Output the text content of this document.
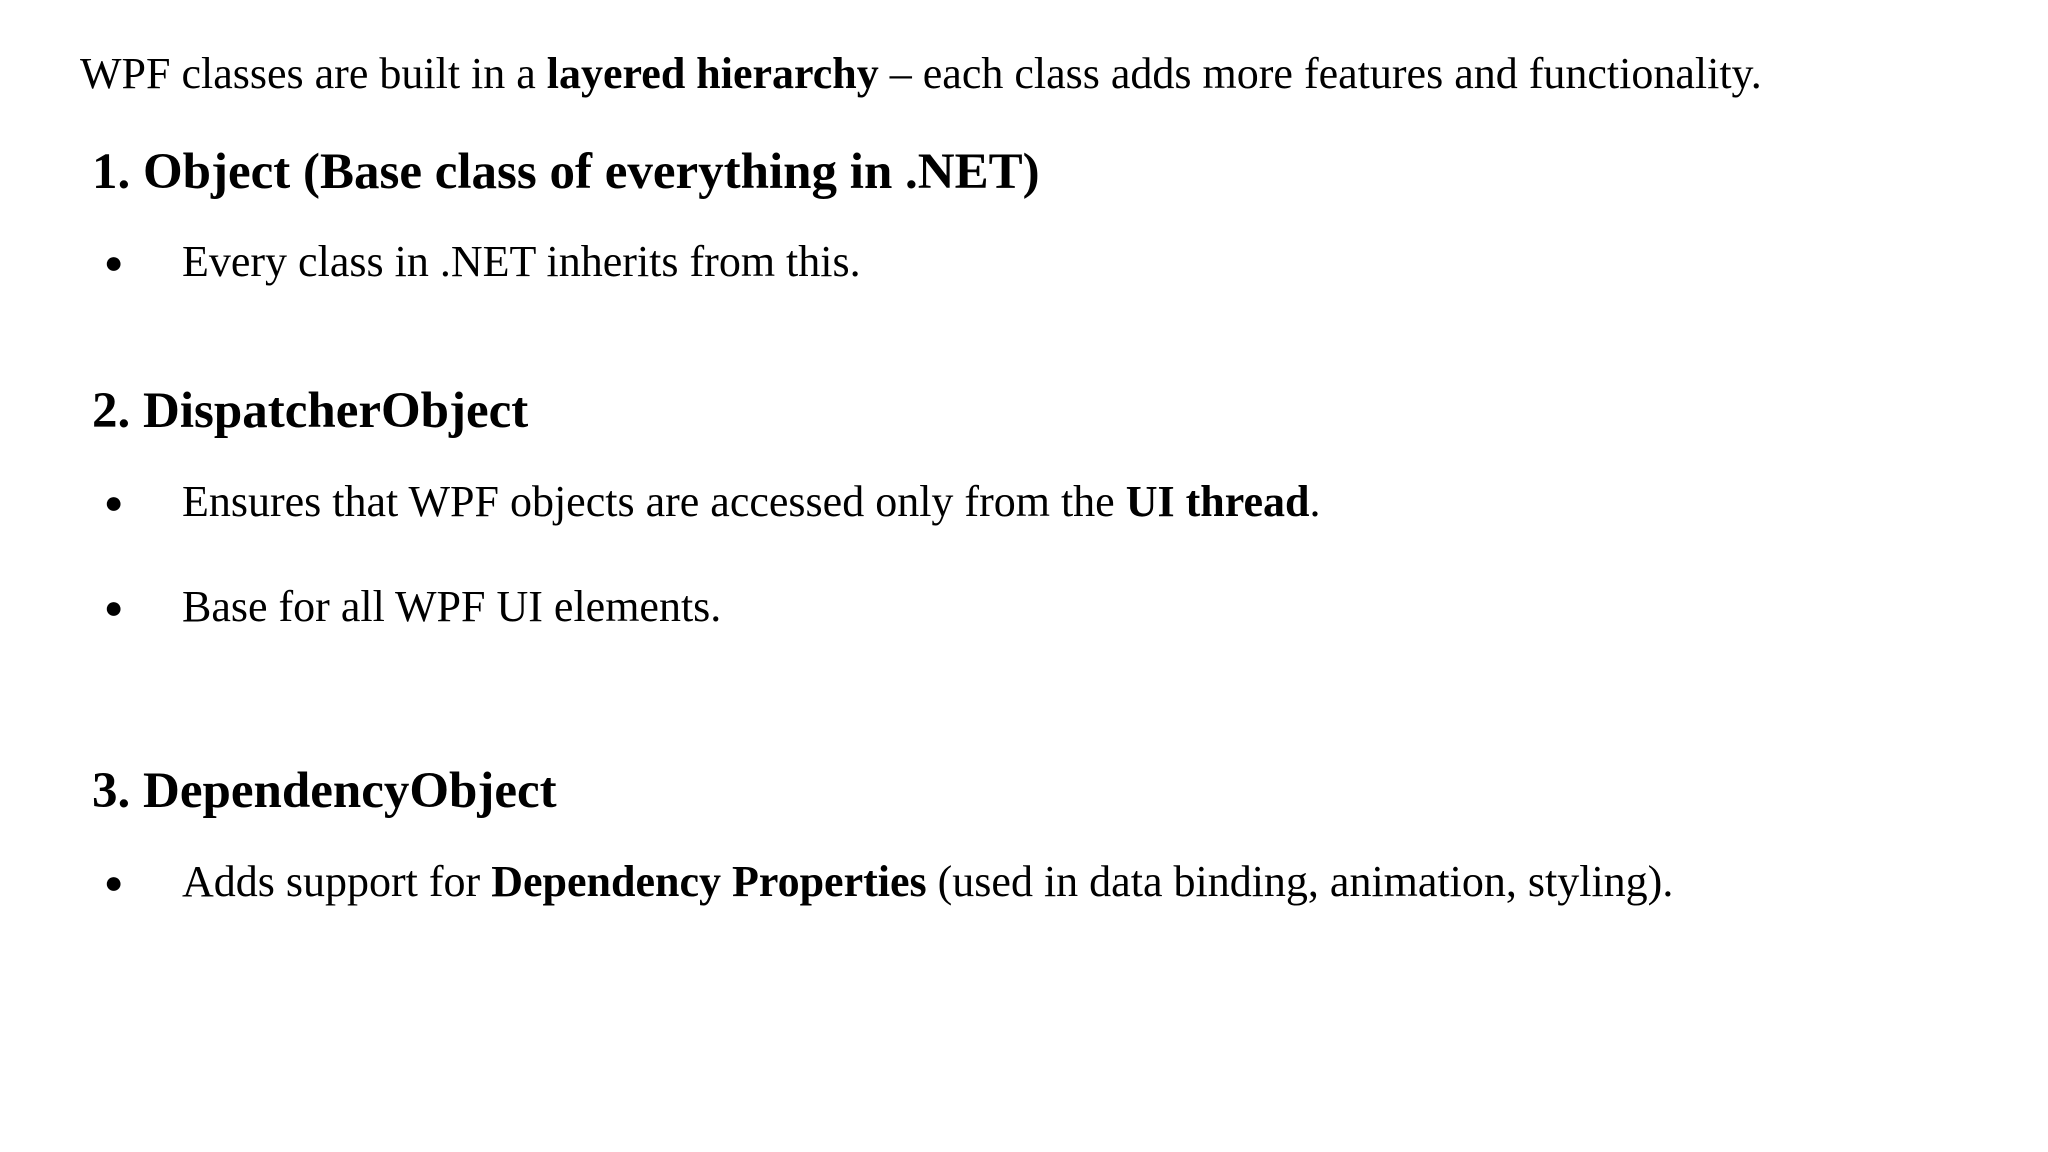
WPF classes are built in a layered hierarchy – each class adds more features and functionality.

1. Object (Base class of everything in .NET)
● Every class in .NET inherits from this.
2. DispatcherObject
● Ensures that WPF objects are accessed only from the UI thread.
● Base for all WPF UI elements.
3. DependencyObject
● Adds support for Dependency Properties (used in data binding, animation, styling).
